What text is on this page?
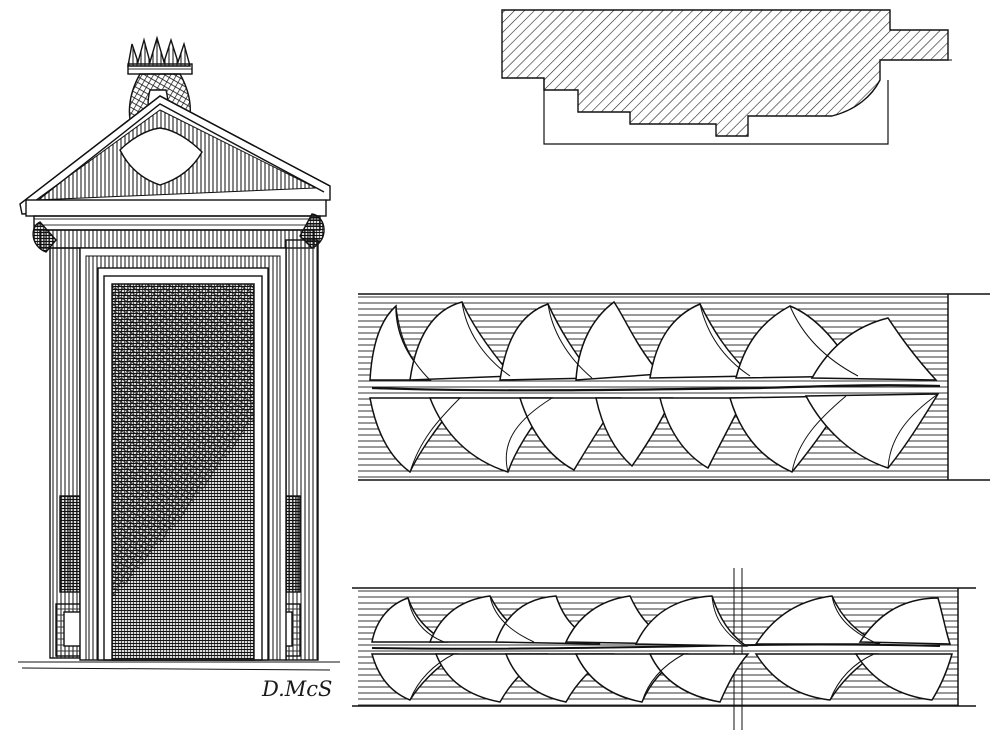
D.McS
